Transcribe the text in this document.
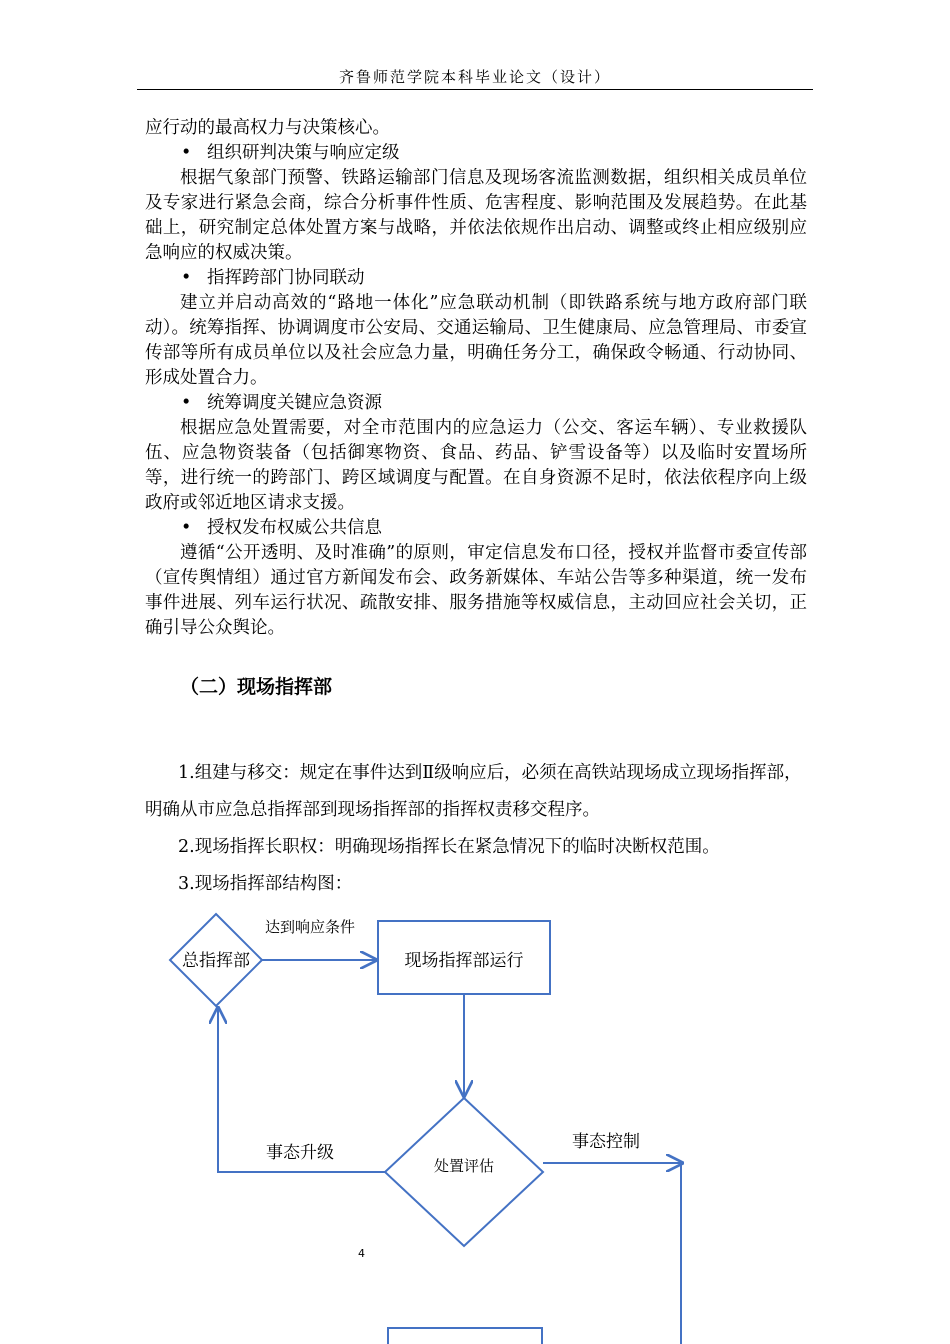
齐鲁师范学院本科毕业论文（设计）

应行动的最高权力与决策核心。

• 组织研判决策与响应定级

根据气象部门预警、铁路运输部门信息及现场客流监测数据，组织相关成员单位及专家进行紧急会商，综合分析事件性质、危害程度、影响范围及发展趋势。在此基础上，研究制定总体处置方案与战略，并依法依规作出启动、调整或终止相应级别应急响应的权威决策。

• 指挥跨部门协同联动

建立并启动高效的“路地一体化”应急联动机制（即铁路系统与地方政府部门联动）。统筹指挥、协调调度市公安局、交通运输局、卫生健康局、应急管理局、市委宣传部等所有成员单位以及社会应急力量，明确任务分工，确保政令畅通、行动协同、形成处置合力。

• 统筹调度关键应急资源

根据应急处置需要，对全市范围内的应急运力（公交、客运车辆）、专业救援队伍、应急物资装备（包括御寒物资、食品、药品、铲雪设备等）以及临时安置场所等，进行统一的跨部门、跨区域调度与配置。在自身资源不足时，依法依程序向上级政府或邻近地区请求支援。

• 授权发布权威公共信息

遵循“公开透明、及时准确”的原则，审定信息发布口径，授权并监督市委宣传部（宣传舆情组）通过官方新闻发布会、政务新媒体、车站公告等多种渠道，统一发布事件进展、列车运行状况、疏散安排、服务措施等权威信息，主动回应社会关切，正确引导公众舆论。

（二）现场指挥部

1.组建与移交：规定在事件达到Ⅱ级响应后，必须在高铁站现场成立现场指挥部，明确从市应急总指挥部到现场指挥部的指挥权责移交程序。

2.现场指挥长职权：明确现场指挥长在紧急情况下的临时决断权范围。

3.现场指挥部结构图：

总指挥部
达到响应条件
现场指挥部运行
处置评估
事态升级
事态控制
4
